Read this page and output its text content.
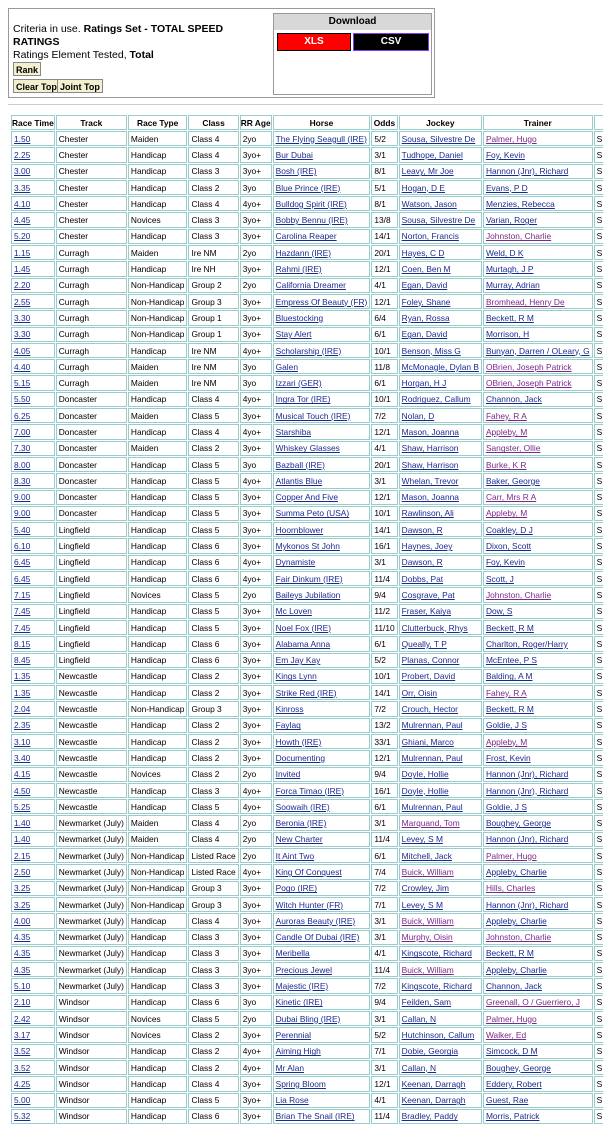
Criteria in use. Ratings Set - TOTAL SPEED RATINGS
Ratings Element Tested, Total
Rank
Clear Top Joint Top
Download
XLS	CSV
Race Time	Track	Race Type	Class	RR Age	Horse	Odds	Jockey	Trainer	
1.50	Chester	Maiden	Class 4	2yo	The Flying Seagull (IRE)	5/2	Sousa, Silvestre De	Palmer, Hugo	S
2.25	Chester	Handicap	Class 4	3yo+	Bur Dubai	3/1	Tudhope, Daniel	Foy, Kevin	S
3.00	Chester	Handicap	Class 3	3yo+	Bosh (IRE)	8/1	Leavy, Mr Joe	Hannon (Jnr), Richard	S
3.35	Chester	Handicap	Class 2	3yo	Blue Prince (IRE)	5/1	Hogan, D E	Evans, P D	S
4.10	Chester	Handicap	Class 4	4yo+	Bulldog Spirit (IRE)	8/1	Watson, Jason	Menzies, Rebecca	S
4.45	Chester	Novices	Class 3	3yo+	Bobby Bennu (IRE)	13/8	Sousa, Silvestre De	Varian, Roger	S
5.20	Chester	Handicap	Class 3	3yo+	Carolina Reaper	14/1	Norton, Francis	Johnston, Charlie	S
1.15	Curragh	Maiden	Ire NM	2yo	Hazdann (IRE)	20/1	Hayes, C D	Weld, D K	S
1.45	Curragh	Handicap	Ire NH	3yo+	Rahmi (IRE)	12/1	Coen, Ben M	Murtagh, J P	S
2.20	Curragh	Non-Handicap	Group 2	2yo	California Dreamer	4/1	Egan, David	Murray, Adrian	S
2.55	Curragh	Non-Handicap	Group 3	3yo+	Empress Of Beauty (FR)	12/1	Foley, Shane	Bromhead, Henry De	S
3.30	Curragh	Non-Handicap	Group 1	3yo+	Bluestocking	6/4	Ryan, Rossa	Beckett, R M	S
3.30	Curragh	Non-Handicap	Group 1	3yo+	Stay Alert	6/1	Egan, David	Morrison, H	S
4.05	Curragh	Handicap	Ire NM	4yo+	Scholarship (IRE)	10/1	Benson, Miss G	Bunyan, Darren / OLeary, G	S
4.40	Curragh	Maiden	Ire NM	3yo	Galen	11/8	McMonagle, Dylan B	OBrien, Joseph Patrick	S
5.15	Curragh	Maiden	Ire NM	3yo	Izzari (GER)	6/1	Horgan, H J	OBrien, Joseph Patrick	S
5.50	Doncaster	Handicap	Class 4	4yo+	Ingra Tor (IRE)	10/1	Rodriguez, Callum	Channon, Jack	S
6.25	Doncaster	Maiden	Class 5	3yo+	Musical Touch (IRE)	7/2	Nolan, D	Fahey, R A	S
7.00	Doncaster	Handicap	Class 4	4yo+	Starshiba	12/1	Mason, Joanna	Appleby, M	S
7.30	Doncaster	Maiden	Class 2	3yo+	Whiskey Glasses	4/1	Shaw, Harrison	Sangster, Ollie	S
8.00	Doncaster	Handicap	Class 5	3yo	Bazball (IRE)	20/1	Shaw, Harrison	Burke, K R	S
8.30	Doncaster	Handicap	Class 5	4yo+	Atlantis Blue	3/1	Whelan, Trevor	Baker, George	S
9.00	Doncaster	Handicap	Class 5	3yo+	Copper And Five	12/1	Mason, Joanna	Carr, Mrs R A	S
9.00	Doncaster	Handicap	Class 5	3yo+	Summa Peto (USA)	10/1	Rawlinson, Ali	Appleby, M	S
5.40	Lingfield	Handicap	Class 5	3yo+	Hoornblower	14/1	Dawson, R	Coakley, D J	S
6.10	Lingfield	Handicap	Class 6	3yo+	Mykonos St John	16/1	Haynes, Joey	Dixon, Scott	S
6.45	Lingfield	Handicap	Class 6	4yo+	Dynamiste	3/1	Dawson, R	Foy, Kevin	S
6.45	Lingfield	Handicap	Class 6	4yo+	Fair Dinkum (IRE)	11/4	Dobbs, Pat	Scott, J	S
7.15	Lingfield	Novices	Class 5	2yo	Baileys Jubilation	9/4	Cosgrave, Pat	Johnston, Charlie	S
7.45	Lingfield	Handicap	Class 5	3yo+	Mc Loven	11/2	Fraser, Kaiya	Dow, S	S
7.45	Lingfield	Handicap	Class 5	3yo+	Noel Fox (IRE)	11/10	Clutterbuck, Rhys	Beckett, R M	S
8.15	Lingfield	Handicap	Class 6	3yo+	Alabama Anna	6/1	Queally, T P	Charlton, Roger/Harry	S
8.45	Lingfield	Handicap	Class 6	3yo+	Em Jay Kay	5/2	Planas, Connor	McEntee, P S	S
1.35	Newcastle	Handicap	Class 2	3yo+	Kings Lynn	10/1	Probert, David	Balding, A M	S
1.35	Newcastle	Handicap	Class 2	3yo+	Strike Red (IRE)	14/1	Orr, Oisin	Fahey, R A	S
2.04	Newcastle	Non-Handicap	Group 3	3yo+	Kinross	7/2	Crouch, Hector	Beckett, R M	S
2.35	Newcastle	Handicap	Class 2	3yo+	Faylaq	13/2	Mulrennan, Paul	Goldie, J S	S
3.10	Newcastle	Handicap	Class 2	3yo+	Howth (IRE)	33/1	Ghiani, Marco	Appleby, M	S
3.40	Newcastle	Handicap	Class 2	3yo+	Documenting	12/1	Mulrennan, Paul	Frost, Kevin	S
4.15	Newcastle	Novices	Class 2	2yo	Invited	9/4	Doyle, Hollie	Hannon (Jnr), Richard	S
4.50	Newcastle	Handicap	Class 3	4yo+	Forca Timao (IRE)	16/1	Doyle, Hollie	Hannon (Jnr), Richard	S
5.25	Newcastle	Handicap	Class 5	4yo+	Soowaih (IRE)	6/1	Mulrennan, Paul	Goldie, J S	S
1.40	Newmarket (July)	Maiden	Class 4	2yo	Beronia (IRE)	3/1	Marquand, Tom	Boughey, George	S
1.40	Newmarket (July)	Maiden	Class 4	2yo	New Charter	11/4	Levey, S M	Hannon (Jnr), Richard	S
2.15	Newmarket (July)	Non-Handicap	Listed Race	2yo	It Aint Two	6/1	Mitchell, Jack	Palmer, Hugo	S
2.50	Newmarket (July)	Non-Handicap	Listed Race	4yo+	King Of Conquest	7/4	Buick, William	Appleby, Charlie	S
3.25	Newmarket (July)	Non-Handicap	Group 3	3yo+	Pogo (IRE)	7/2	Crowley, Jim	Hills, Charles	S
3.25	Newmarket (July)	Non-Handicap	Group 3	3yo+	Witch Hunter (FR)	7/1	Levey, S M	Hannon (Jnr), Richard	S
4.00	Newmarket (July)	Handicap	Class 4	3yo+	Auroras Beauty (IRE)	3/1	Buick, William	Appleby, Charlie	S
4.35	Newmarket (July)	Handicap	Class 3	3yo+	Candle Of Dubai (IRE)	3/1	Murphy, Oisin	Johnston, Charlie	S
4.35	Newmarket (July)	Handicap	Class 3	3yo+	Meribella	4/1	Kingscote, Richard	Beckett, R M	S
4.35	Newmarket (July)	Handicap	Class 3	3yo+	Precious Jewel	11/4	Buick, William	Appleby, Charlie	S
5.10	Newmarket (July)	Handicap	Class 3	3yo+	Majestic (IRE)	7/2	Kingscote, Richard	Channon, Jack	S
2.10	Windsor	Handicap	Class 6	3yo	Kinetic (IRE)	9/4	Feilden, Sam	Greenall, O / Guerriero, J	S
2.42	Windsor	Novices	Class 5	2yo	Dubai Bling (IRE)	3/1	Callan, N	Palmer, Hugo	S
3.17	Windsor	Novices	Class 2	3yo+	Perennial	5/2	Hutchinson, Callum	Walker, Ed	S
3.52	Windsor	Handicap	Class 2	4yo+	Aiming High	7/1	Dobie, Georgia	Simcock, D M	S
3.52	Windsor	Handicap	Class 2	4yo+	Mr Alan	3/1	Callan, N	Boughey, George	S
4.25	Windsor	Handicap	Class 4	3yo+	Spring Bloom	12/1	Keenan, Darragh	Eddery, Robert	S
5.00	Windsor	Handicap	Class 5	3yo+	Lia Rose	4/1	Keenan, Darragh	Guest, Rae	S
5.32	Windsor	Handicap	Class 6	3yo+	Brian The Snail (IRE)	11/4	Bradley, Paddy	Morris, Patrick	S
